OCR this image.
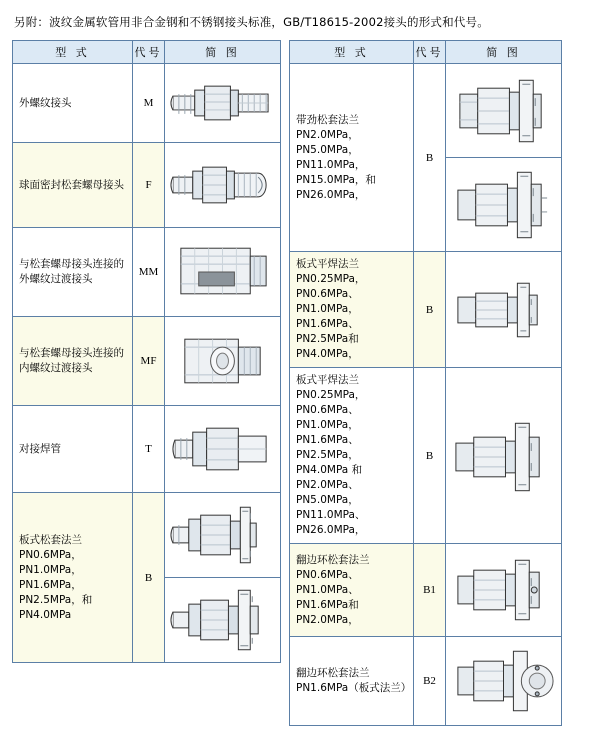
另附：波纹金属软管用非合金钢和不锈钢接头标准，GB/T18615-2002接头的形式和代号。
型 式	代号	简 图

外螺纹接头	M	

球面密封松套螺母接头	F	

与松套螺母接头连接的外螺纹过渡接头	MM	

与松套螺母接头连接的内螺纹过渡接头	MF	

对接焊管	T	

板式松套法兰
PN0.6MPa，PN1.0MPa，PN1.6MPa，PN2.5MPa，和PN4.0MPa	B	

型 式	代号	简 图

带劲松套法兰
PN2.0MPa，PN5.0MPa，PN11.0MPa，PN15.0MPa，和PN26.0MPa，	B	

板式平焊法兰
PN0.25MPa，PN0.6MPa、PN1.0MPa，PN1.6MPa、PN2.5MPa和PN4.0MPa，	B	

板式平焊法兰
PN0.25MPa，PN0.6MPa、PN1.0MPa，PN1.6MPa、PN2.5MPa，PN4.0MPa 和PN2.0MPa、PN5.0MPa，PN11.0MPa、PN26.0MPa，	B	

翻边环松套法兰
PN0.6MPa、PN1.0MPa、PN1.6MPa和PN2.0MPa，	B1	

翻边环松套法兰
PN1.6MPa（板式法兰）	B2	
